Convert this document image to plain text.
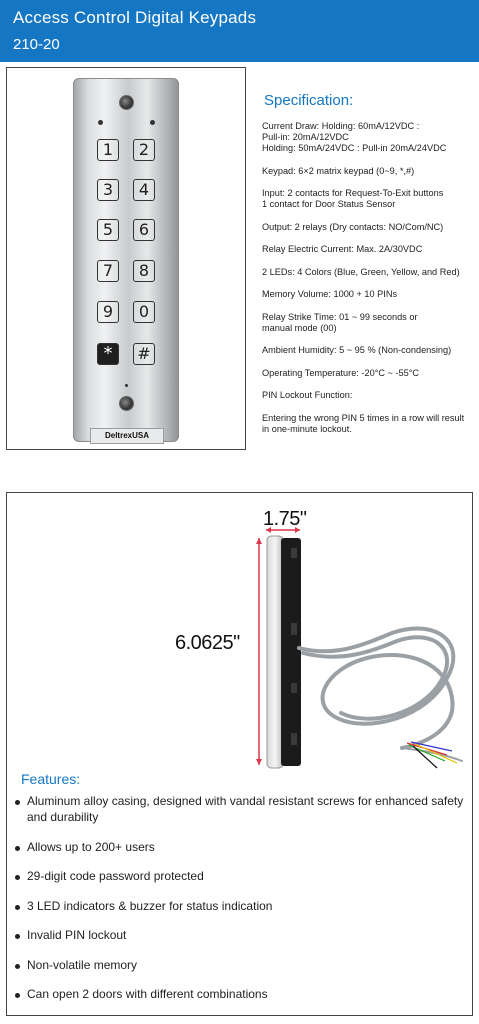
Access Control Digital Keypads
210-20
1	2
3	4
5	6
7	8
9	0
*	#
DeltrexUSA
Specification:

Current Draw: Holding: 60mA/12VDC :
Pull-in: 20mA/12VDC
Holding: 50mA/24VDC : Pull-in 20mA/24VDC

Keypad: 6×2 matrix keypad (0~9, *,#)

Input: 2 contacts for Request-To-Exit buttons
1 contact for Door Status Sensor

Output: 2 relays (Dry contacts: NO/Com/NC)

Relay Electric Current: Max. 2A/30VDC

2 LEDs: 4 Colors (Blue, Green, Yellow, and Red)

Memory Volume: 1000 + 10 PINs

Relay Strike Time: 01 ~ 99 seconds or
manual mode (00)

Ambient Humidity: 5 ~ 95 % (Non-condensing)

Operating Temperature: -20°C ~ -55°C

PIN Lockout Function:

Entering the wrong PIN 5 times in a row will result
in one-minute lockout.

1.75"
6.0625"
Features:
Aluminum alloy casing, designed with vandal resistant screws for enhanced safety and durability
Allows up to 200+ users
29-digit code password protected
3 LED indicators & buzzer for status indication
Invalid PIN lockout
Non-volatile memory
Can open 2 doors with different combinations
